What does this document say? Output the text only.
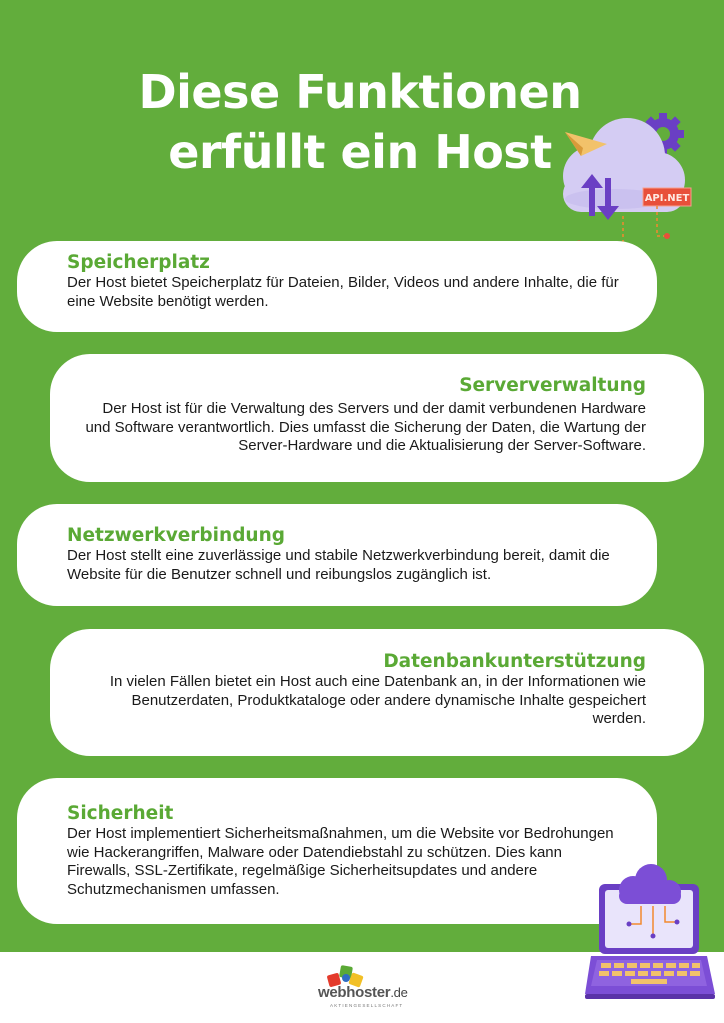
Diese Funktionen
erfüllt ein Host
API.NET
Speicherplatz

Der Host bietet Speicherplatz für Dateien, Bilder, Videos und andere Inhalte, die für eine Website benötigt werden.

Serververwaltung

Der Host ist für die Verwaltung des Servers und der damit verbundenen Hardware und Software verantwortlich. Dies umfasst die Sicherung der Daten, die Wartung der Server-Hardware und die Aktualisierung der Server-Software.

Netzwerkverbindung

Der Host stellt eine zuverlässige und stabile Netzwerkverbindung bereit, damit die Website für die Benutzer schnell und reibungslos zugänglich ist.

Datenbankunterstützung

In vielen Fällen bietet ein Host auch eine Datenbank an, in der Informationen wie Benutzerdaten, Produktkataloge oder andere dynamische Inhalte gespeichert werden.

Sicherheit

Der Host implementiert Sicherheitsmaßnahmen, um die Website vor Bedrohungen wie Hackerangriffen, Malware oder Datendiebstahl zu schützen. Dies kann Firewalls, SSL-Zertifikate, regelmäßige Sicherheitsupdates und andere Schutzmechanismen umfassen.

webhoster.de
AKTIENGESELLSCHAFT
